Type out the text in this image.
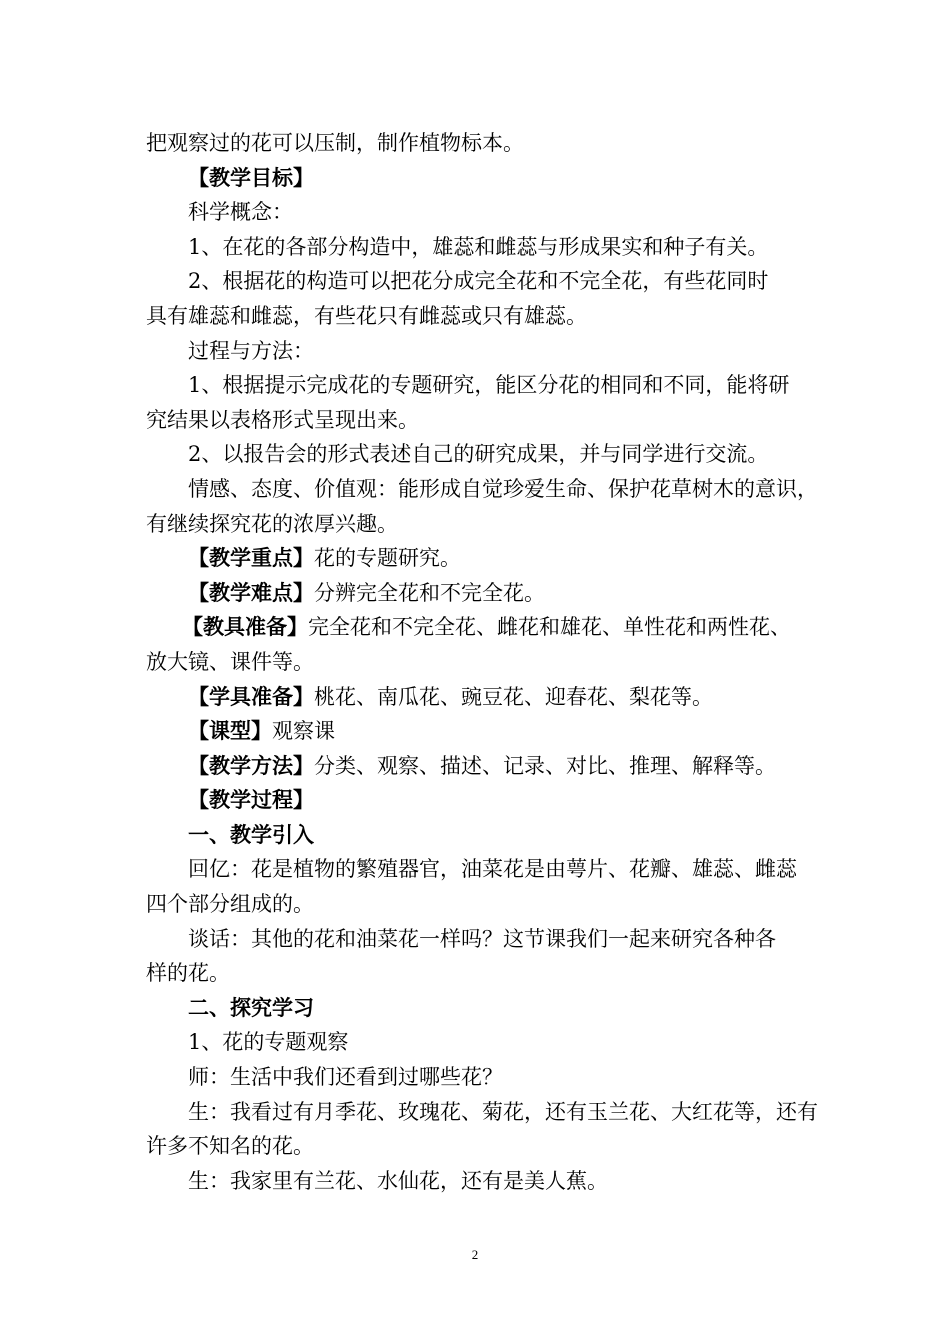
把观察过的花可以压制，制作植物标本。

【教学目标】

科学概念：

1、在花的各部分构造中，雄蕊和雌蕊与形成果实和种子有关。

2、根据花的构造可以把花分成完全花和不完全花，有些花同时

具有雄蕊和雌蕊，有些花只有雌蕊或只有雄蕊。

过程与方法：

1、根据提示完成花的专题研究，能区分花的相同和不同，能将研

究结果以表格形式呈现出来。

2、以报告会的形式表述自己的研究成果，并与同学进行交流。

情感、态度、价值观：能形成自觉珍爱生命、保护花草树木的意识，

有继续探究花的浓厚兴趣。

【教学重点】花的专题研究。

【教学难点】分辨完全花和不完全花。

【教具准备】完全花和不完全花、雌花和雄花、单性花和两性花、

放大镜、课件等。

【学具准备】桃花、南瓜花、豌豆花、迎春花、梨花等。

【课型】观察课

【教学方法】分类、观察、描述、记录、对比、推理、解释等。

【教学过程】

一、教学引入

回亿：花是植物的繁殖器官，油菜花是由萼片、花瓣、雄蕊、雌蕊

四个部分组成的。

谈话：其他的花和油菜花一样吗？这节课我们一起来研究各种各

样的花。

二、探究学习

1、花的专题观察

师：生活中我们还看到过哪些花？

生：我看过有月季花、玫瑰花、菊花，还有玉兰花、大红花等，还有

许多不知名的花。

生：我家里有兰花、水仙花，还有是美人蕉。

2
